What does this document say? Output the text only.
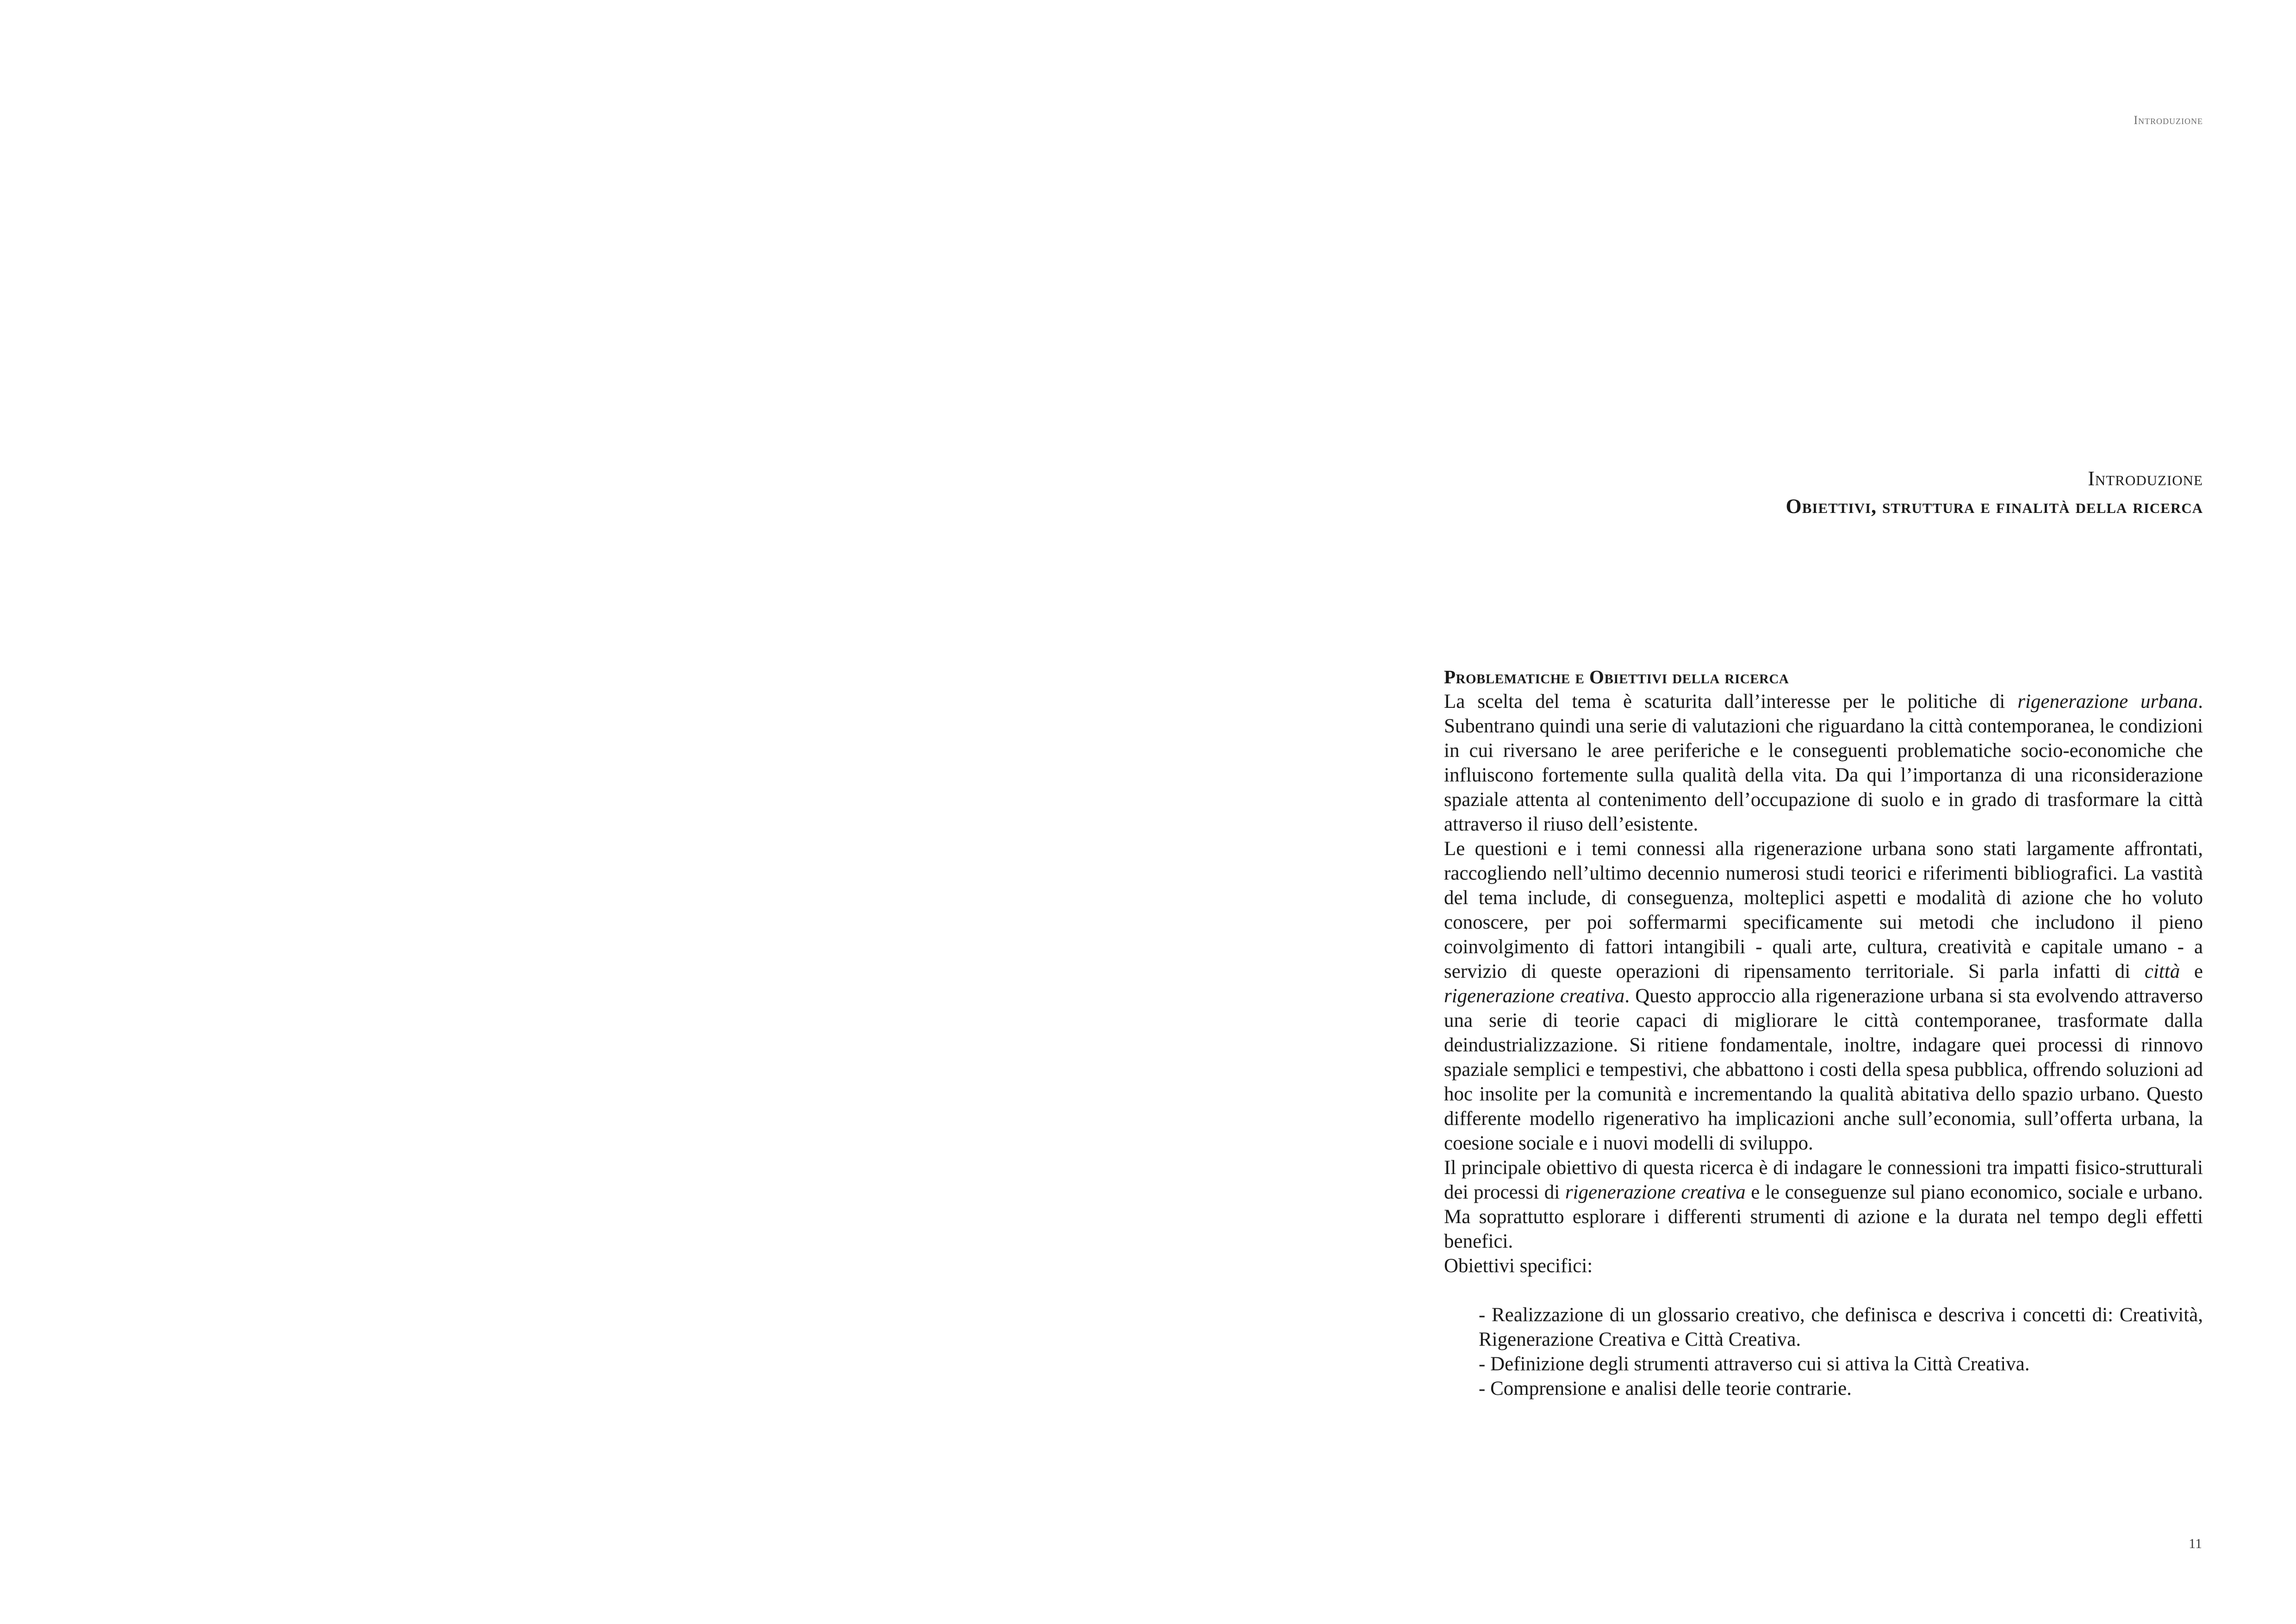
Introduzione
Introduzione
Obiettivi, struttura e finalità della ricerca
Problematiche e Obiettivi della ricerca

La scelta del tema è scaturita dall’interesse per le politiche di rigenerazione urbana. Subentrano quindi una serie di valutazioni che riguardano la città contemporanea, le condizioni in cui riversano le aree periferiche e le conseguenti problematiche socio-economiche che influiscono fortemente sulla qualità della vita. Da qui l’importanza di una riconsiderazione spaziale attenta al contenimento dell’occupazione di suolo e in grado di trasformare la città attraverso il riuso dell’esistente.

Le questioni e i temi connessi alla rigenerazione urbana sono stati largamente affrontati, raccogliendo nell’ultimo decennio numerosi studi teorici e riferimenti bibliografici. La vastità del tema include, di conseguenza, molteplici aspetti e modalità di azione che ho voluto conoscere, per poi soffermarmi specificamente sui metodi che includono il pieno coinvolgimento di fattori intangibili - quali arte, cultura, creatività e capitale umano - a servizio di queste operazioni di ripensamento territoriale. Si parla infatti di città e rigenerazione creativa. Questo approccio alla rigenerazione urbana si sta evolvendo attraverso una serie di teorie capaci di migliorare le città contemporanee, trasformate dalla deindustrializzazione. Si ritiene fondamentale, inoltre, indagare quei processi di rinnovo spaziale semplici e tempestivi, che abbattono i costi della spesa pubblica, offrendo soluzioni ad hoc insolite per la comunità e incrementando la qualità abitativa dello spazio urbano. Questo differente modello rigenerativo ha implicazioni anche sull’economia, sull’offerta urbana, la coesione sociale e i nuovi modelli di sviluppo.

Il principale obiettivo di questa ricerca è di indagare le connessioni tra impatti fisico-strutturali dei processi di rigenerazione creativa e le conseguenze sul piano economico, sociale e urbano. Ma soprattutto esplorare i differenti strumenti di azione e la durata nel tempo degli effetti benefici.

Obiettivi specifici:

- Realizzazione di un glossario creativo, che definisca e descriva i concetti di: Creatività, Rigenerazione Creativa e Città Creativa.
- Definizione degli strumenti attraverso cui si attiva la Città Creativa.
- Comprensione e analisi delle teorie contrarie.
11
